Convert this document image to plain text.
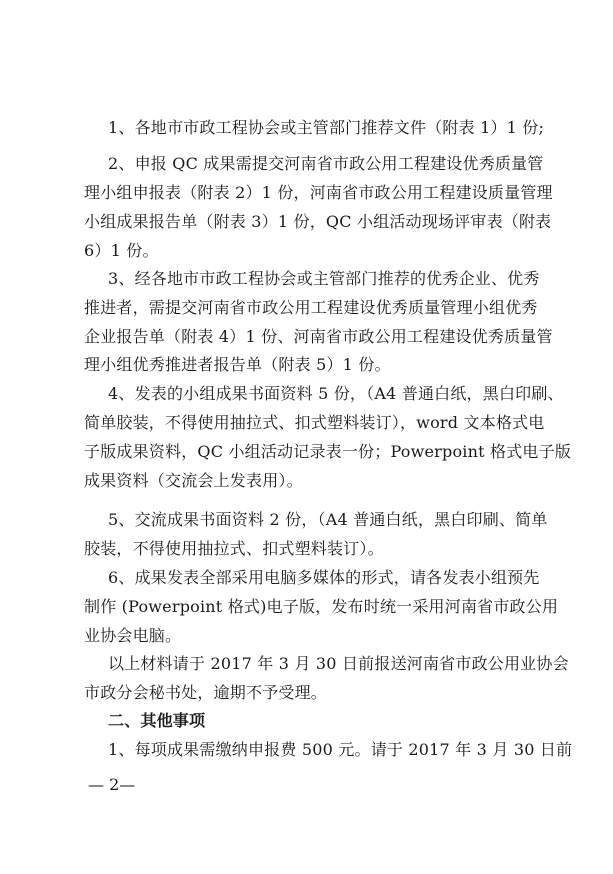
1、各地市市政工程协会或主管部门推荐文件（附表 1）1 份;
2、申报 QC 成果需提交河南省市政公用工程建设优秀质量管
理小组申报表（附表 2）1 份，河南省市政公用工程建设质量管理
小组成果报告单（附表 3）1 份，QC 小组活动现场评审表（附表
6）1 份。
3、经各地市市政工程协会或主管部门推荐的优秀企业、优秀
推进者，需提交河南省市政公用工程建设优秀质量管理小组优秀
企业报告单（附表 4）1 份、河南省市政公用工程建设优秀质量管
理小组优秀推进者报告单（附表 5）1 份。
4、发表的小组成果书面资料 5 份，（A4 普通白纸，黑白印刷、
简单胶装，不得使用抽拉式、扣式塑料装订），word 文本格式电
子版成果资料，QC 小组活动记录表一份；Powerpoint 格式电子版
成果资料（交流会上发表用）。
5、交流成果书面资料 2 份，（A4 普通白纸，黑白印刷、简单
胶装，不得使用抽拉式、扣式塑料装订）。
6、成果发表全部采用电脑多媒体的形式，请各发表小组预先
制作 (Powerpoint 格式)电子版，发布时统一采用河南省市政公用
业协会电脑。
以上材料请于 2017 年 3 月 30 日前报送河南省市政公用业协会
市政分会秘书处，逾期不予受理。
二、其他事项
1、每项成果需缴纳申报费 500 元。请于 2017 年 3 月 30 日前
— 2—
